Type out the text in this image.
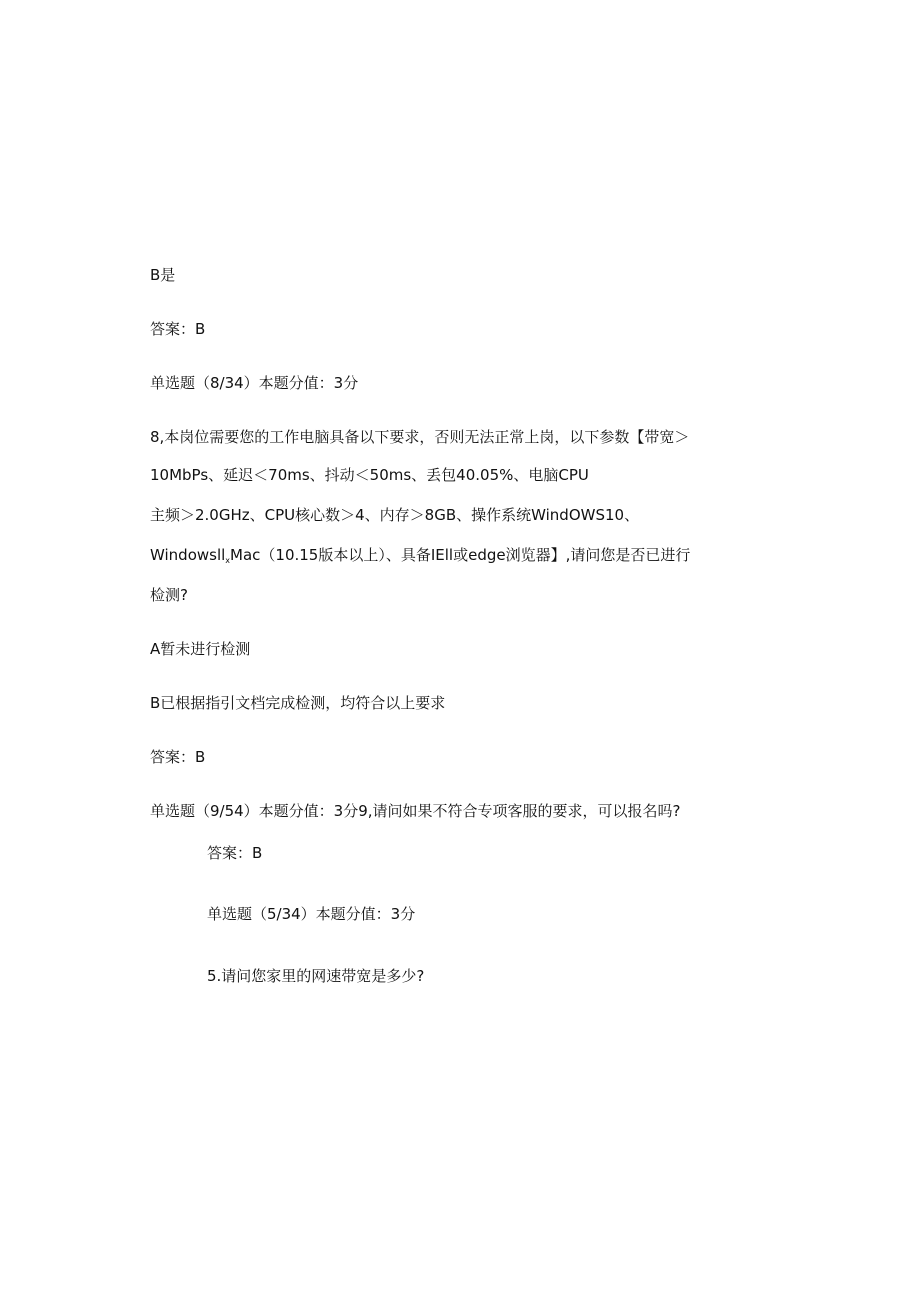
B是
答案：B
单选题（8/34）本题分值：3分
8,本岗位需要您的工作电脑具备以下要求，否则无法正常上岗，以下参数【带宽＞
10MbPs、延迟＜70ms、抖动＜50ms、丢包40.05%、电脑CPU
主频＞2.0GHz、CPU核心数＞4、内存＞8GB、操作系统WindOWS10、
Windowsll$_x$Mac（10.15版本以上）、具备IEll或edge浏览器】,请问您是否已进行
检测?
A暂未进行检测
B已根据指引文档完成检测，均符合以上要求
答案：B
单选题（9/54）本题分值：3分9,请问如果不符合专项客服的要求，可以报名吗?
答案：B
单选题（5/34）本题分值：3分
5.请问您家里的网速带宽是多少?
